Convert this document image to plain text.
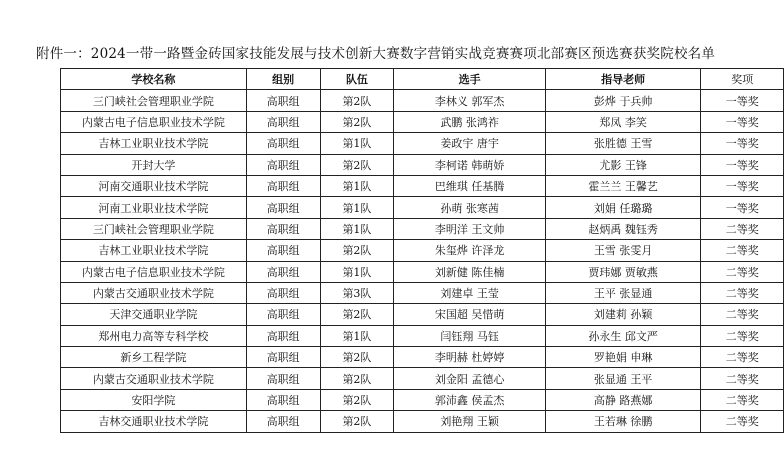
附件一：2024一带一路暨金砖国家技能发展与技术创新大赛数字营销实战竞赛赛项北部赛区预选赛获奖院校名单
学校名称	组别	队伍	选手	指导老师	奖项
三门峡社会管理职业学院	高职组	第2队	李林义 郭军杰	彭烨 于兵帅	一等奖
内蒙古电子信息职业技术学院	高职组	第2队	武鹏 张鸿祚	郑凤 李笑	一等奖
吉林工业职业技术学院	高职组	第1队	姜政宇 唐宇	张胜德 王雪	一等奖
开封大学	高职组	第2队	李柯诺 韩萌娇	尤影 王锋	一等奖
河南交通职业技术学院	高职组	第1队	巴维琪 任基腾	霍兰兰 王馨艺	一等奖
河南工业职业技术学院	高职组	第1队	孙萌 张寒茜	刘娟 任璐璐	一等奖
三门峡社会管理职业学院	高职组	第1队	李明洋 王文帅	赵炳禹 魏钰秀	二等奖
吉林工业职业技术学院	高职组	第2队	朱玺烨 许泽龙	王雪 张雯月	二等奖
内蒙古电子信息职业技术学院	高职组	第1队	刘新健 陈佳楠	贾玮娜 贾敏燕	二等奖
内蒙古交通职业技术学院	高职组	第3队	刘建卓 王莹	王平 张显通	二等奖
天津交通职业学院	高职组	第2队	宋国超 吴惜萌	刘建莉 孙颖	二等奖
郑州电力高等专科学校	高职组	第1队	闫钰翔 马钰	孙永生 邱文严	二等奖
新乡工程学院	高职组	第2队	李明赫 杜婷婷	罗艳娟 申琳	二等奖
内蒙古交通职业技术学院	高职组	第2队	刘金阳 孟德心	张显通 王平	二等奖
安阳学院	高职组	第2队	郭沛鑫 侯孟杰	高静 路燕娜	二等奖
吉林交通职业技术学院	高职组	第2队	刘艳翔 王颖	王若琳 徐鹏	二等奖
